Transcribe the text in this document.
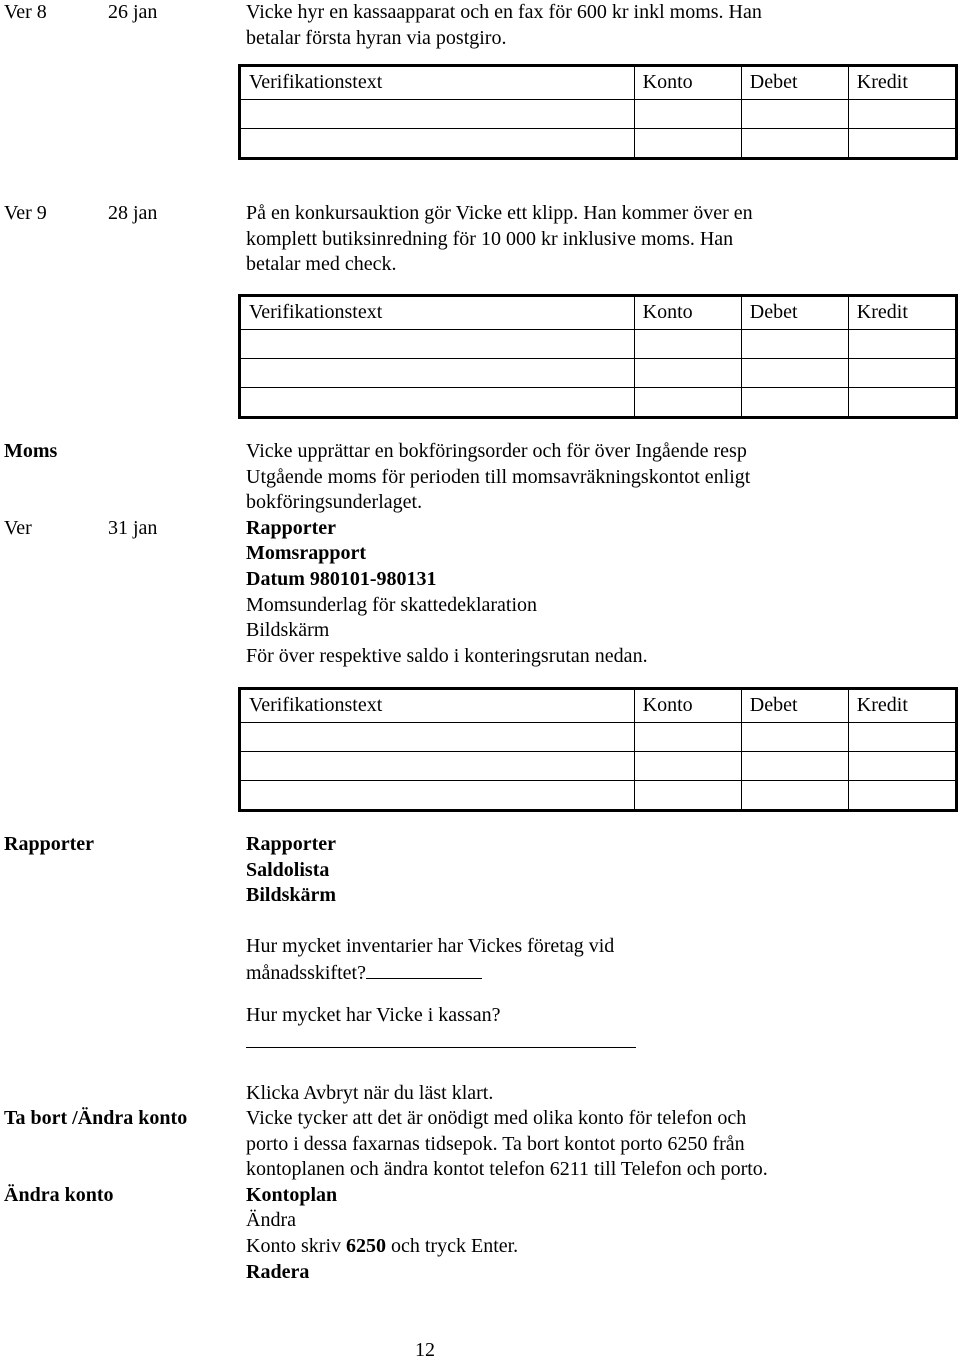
Ver 8	26 jan	Vicke hyr en kassaapparat och en fax för 600 kr inkl moms. Han
betalar första hyran via postgiro.
Verifikationstext	Konto	Debet	Kredit

Ver 9	28 jan	På en konkursauktion gör Vicke ett klipp. Han kommer över en
komplett butiksinredning för 10 000 kr inklusive moms. Han
betalar med check.
Verifikationstext	Konto	Debet	Kredit

Moms
Ver	31 jan
Vicke upprättar en bokföringsorder och för över Ingående resp
Utgående moms för perioden till momsavräkningskontot enligt
bokföringsunderlaget.
Rapporter
Momsrapport
Datum 980101-980131
Momsunderlag för skattedeklaration
Bildskärm
För över respektive saldo i konteringsrutan nedan.
Verifikationstext	Konto	Debet	Kredit

Rapporter	Rapporter
Saldolista
Bildskärm
Hur mycket inventarier har Vickes företag vid
månadsskiftet?
Hur mycket har Vicke i kassan?
Klicka Avbryt när du läst klart.
Ta bort /Ändra konto
Ändra konto
Vicke tycker att det är onödigt med olika konto för telefon och
porto i dessa faxarnas tidsepok. Ta bort kontot porto 6250 från
kontoplanen och ändra kontot telefon 6211 till Telefon och porto.
Kontoplan
Ändra
Konto skriv 6250 och tryck Enter.
Radera
12
